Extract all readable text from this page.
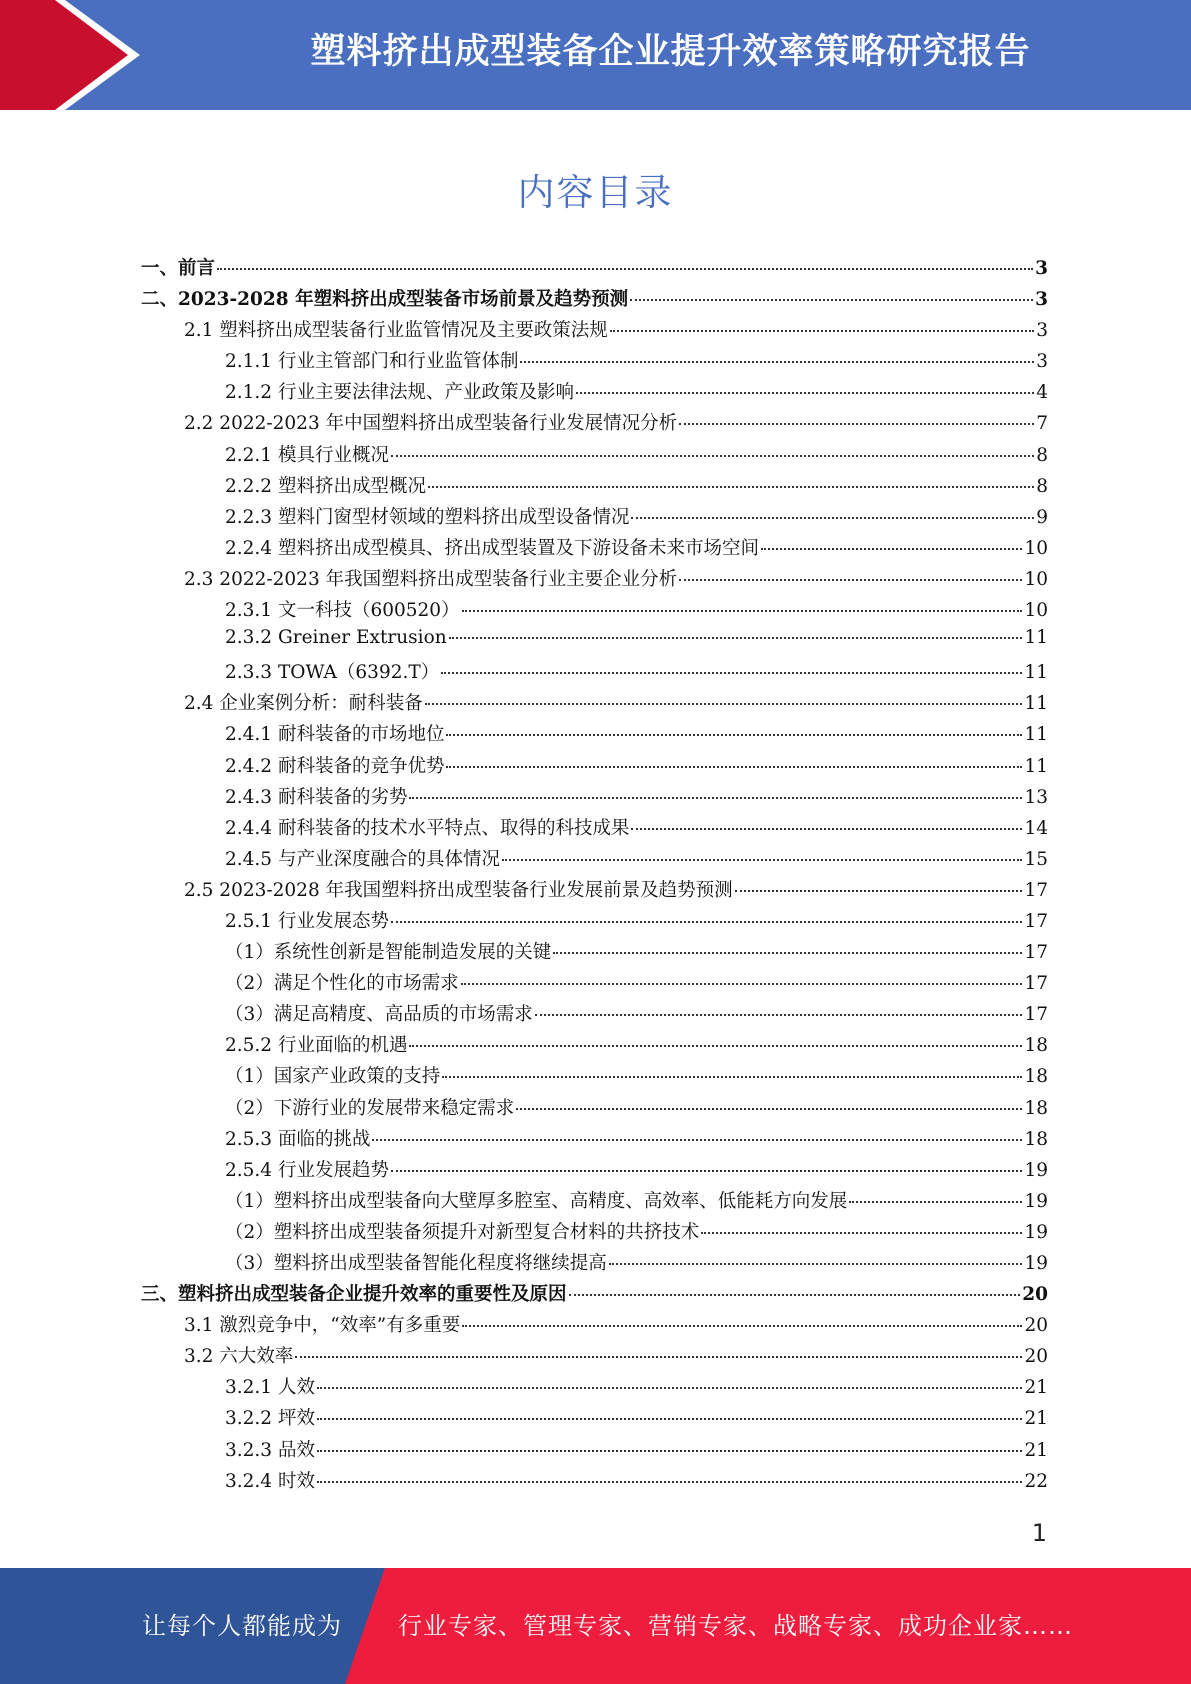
塑料挤出成型装备企业提升效率策略研究报告
内容目录
一、前言	3
二、2023-2028 年塑料挤出成型装备市场前景及趋势预测	3
2.1 塑料挤出成型装备行业监管情况及主要政策法规	3
2.1.1 行业主管部门和行业监管体制	3
2.1.2 行业主要法律法规、产业政策及影响	4
2.2 2022-2023 年中国塑料挤出成型装备行业发展情况分析	7
2.2.1 模具行业概况	8
2.2.2 塑料挤出成型概况	8
2.2.3 塑料门窗型材领域的塑料挤出成型设备情况	9
2.2.4 塑料挤出成型模具、挤出成型装置及下游设备未来市场空间	10
2.3 2022-2023 年我国塑料挤出成型装备行业主要企业分析	10
2.3.1 文一科技（600520）	10
2.3.2 Greiner Extrusion	11
2.3.3 TOWA（6392.T）	11
2.4 企业案例分析：耐科装备	11
2.4.1 耐科装备的市场地位	11
2.4.2 耐科装备的竞争优势	11
2.4.3 耐科装备的劣势	13
2.4.4 耐科装备的技术水平特点、取得的科技成果	14
2.4.5 与产业深度融合的具体情况	15
2.5 2023-2028 年我国塑料挤出成型装备行业发展前景及趋势预测	17
2.5.1 行业发展态势	17
（1）系统性创新是智能制造发展的关键	17
（2）满足个性化的市场需求	17
（3）满足高精度、高品质的市场需求	17
2.5.2 行业面临的机遇	18
（1）国家产业政策的支持	18
（2）下游行业的发展带来稳定需求	18
2.5.3 面临的挑战	18
2.5.4 行业发展趋势	19
（1）塑料挤出成型装备向大壁厚多腔室、高精度、高效率、低能耗方向发展	19
（2）塑料挤出成型装备须提升对新型复合材料的共挤技术	19
（3）塑料挤出成型装备智能化程度将继续提高	19
三、塑料挤出成型装备企业提升效率的重要性及原因	20
3.1 激烈竞争中，“效率”有多重要	20
3.2 六大效率	20
3.2.1 人效	21
3.2.2 坪效	21
3.2.3 品效	21
3.2.4 时效	22
1
让每个人都能成为 行业专家、管理专家、营销专家、战略专家、成功企业家……
